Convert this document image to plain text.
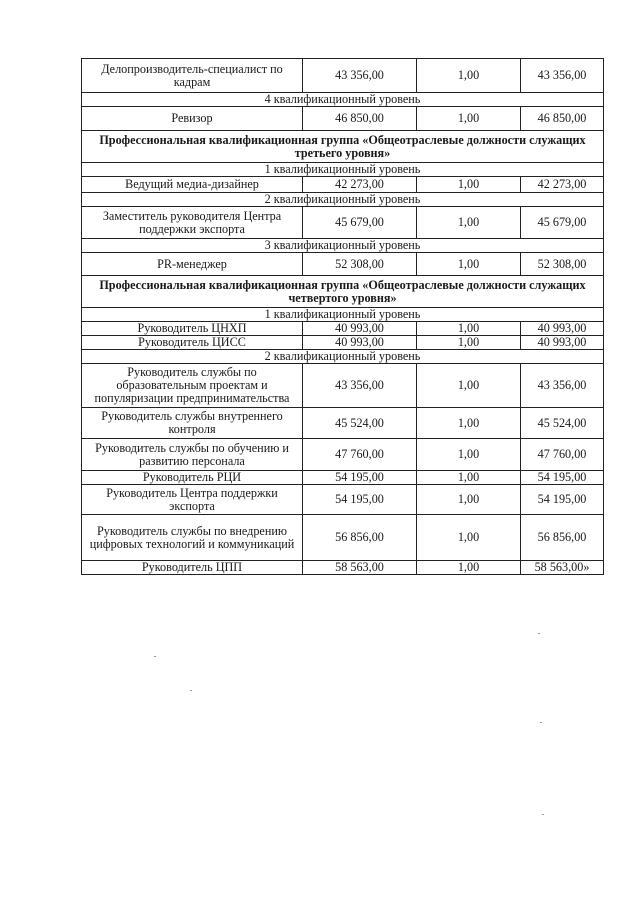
Делопроизводитель-специалист по кадрам	43 356,00	1,00	43 356,00
4 квалификационный уровень			
Ревизор	46 850,00	1,00	46 850,00
Профессиональная квалификационная группа «Общеотраслевые должности служащих третьего уровня»			
1 квалификационный уровень			
Ведущий медиа-дизайнер	42 273,00	1,00	42 273,00
2 квалификационный уровень			
Заместитель руководителя Центра поддержки экспорта	45 679,00	1,00	45 679,00
3 квалификационный уровень			
PR-менеджер	52 308,00	1,00	52 308,00
Профессиональная квалификационная группа «Общеотраслевые должности служащих четвертого уровня»			
1 квалификационный уровень			
Руководитель ЦНХП	40 993,00	1,00	40 993,00
Руководитель ЦИСС	40 993,00	1,00	40 993,00
2 квалификационный уровень			
Руководитель службы по образовательным проектам и популяризации предпринимательства	43 356,00	1,00	43 356,00
Руководитель службы внутреннего контроля	45 524,00	1,00	45 524,00
Руководитель службы по обучению и развитию персонала	47 760,00	1,00	47 760,00
Руководитель РЦИ	54 195,00	1,00	54 195,00
Руководитель Центра поддержки экспорта	54 195,00	1,00	54 195,00
Руководитель службы по внедрению цифровых технологий и коммуникаций	56 856,00	1,00	56 856,00
Руководитель ЦПП	58 563,00	1,00	58 563,00»
